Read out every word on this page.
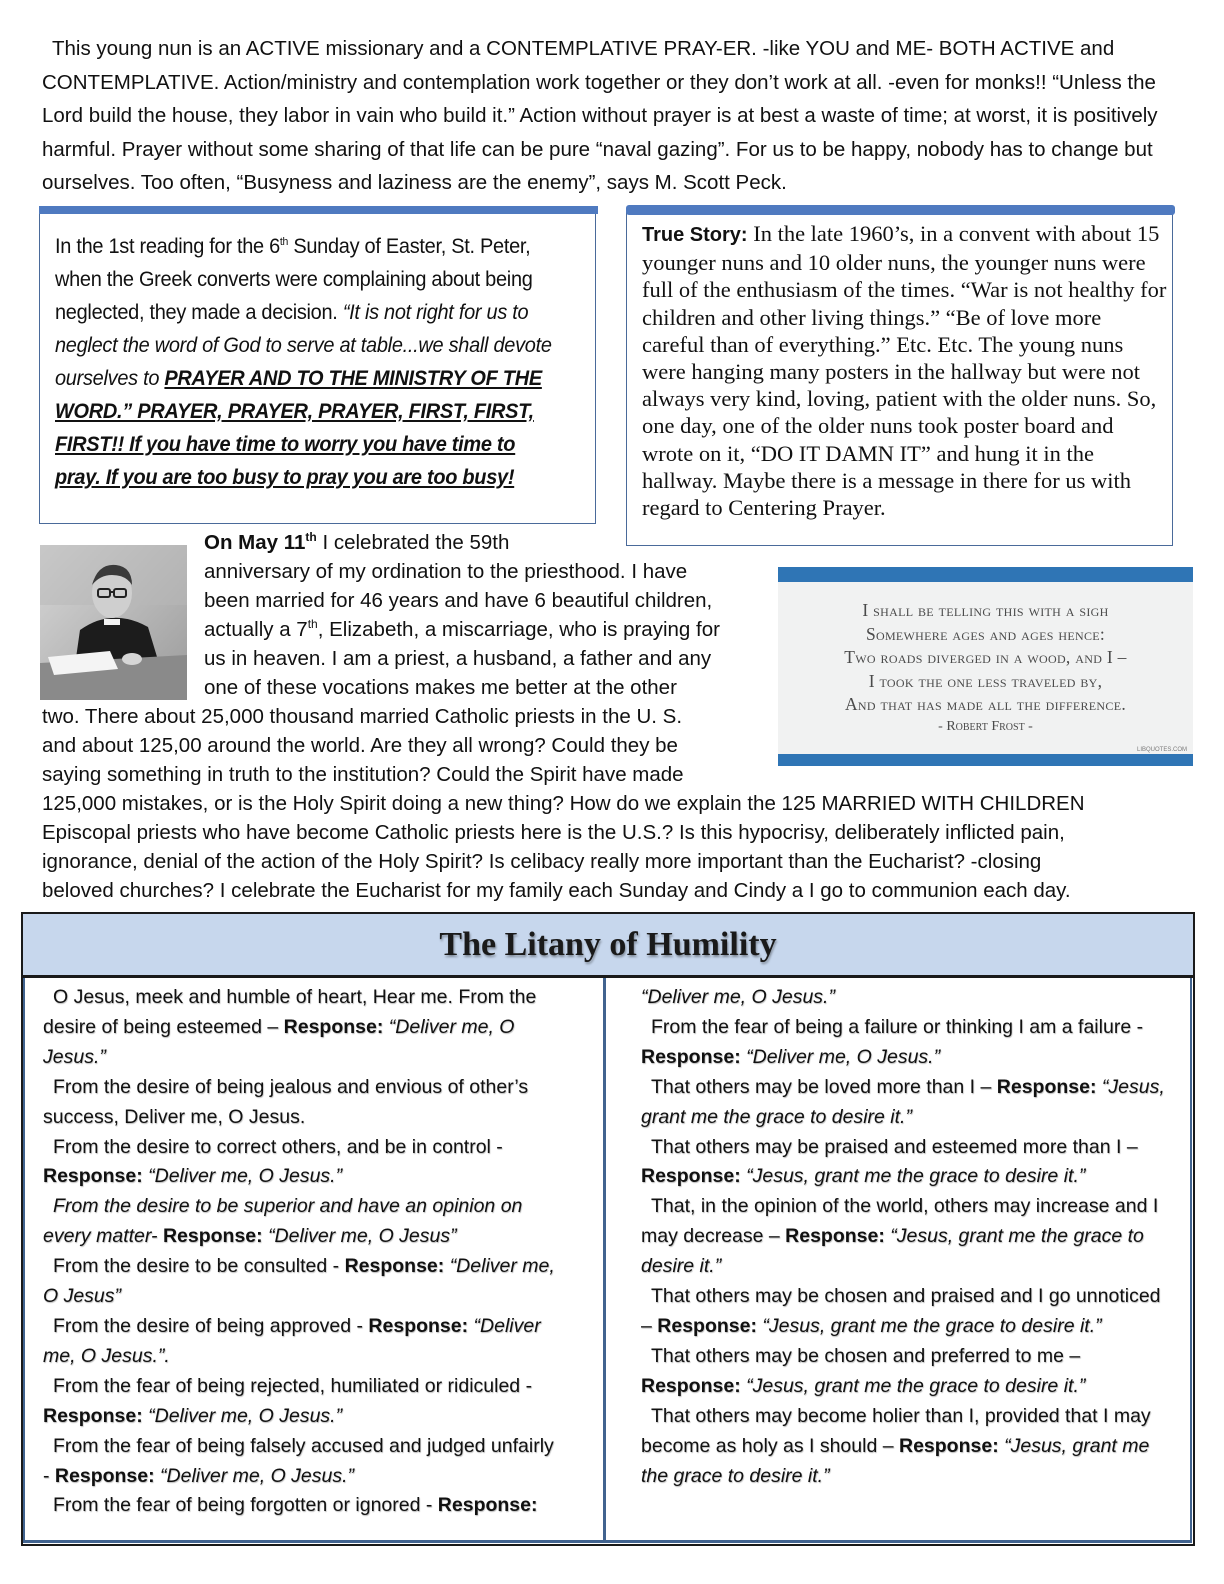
This young nun is an ACTIVE missionary and a CONTEMPLATIVE PRAY-ER. -like YOU and ME- BOTH ACTIVE and CONTEMPLATIVE. Action/ministry and contemplation work together or they don’t work at all. -even for monks!! “Unless the Lord build the house, they labor in vain who build it.” Action without prayer is at best a waste of time; at worst, it is positively harmful. Prayer without some sharing of that life can be pure “naval gazing”. For us to be happy, nobody has to change but ourselves. Too often, “Busyness and laziness are the enemy”, says M. Scott Peck.
In the 1st reading for the 6th Sunday of Easter, St. Peter, when the Greek converts were complaining about being neglected, they made a decision. “It is not right for us to neglect the word of God to serve at table...we shall devote ourselves to PRAYER AND TO THE MINISTRY OF THE WORD.” PRAYER, PRAYER, PRAYER, FIRST, FIRST, FIRST!! If you have time to worry you have time to pray. If you are too busy to pray you are too busy!
True Story: In the late 1960’s, in a convent with about 15 younger nuns and 10 older nuns, the younger nuns were full of the enthusiasm of the times. “War is not healthy for children and other living things.” “Be of love more careful than of everything.” Etc. Etc. The young nuns were hanging many posters in the hallway but were not always very kind, loving, patient with the older nuns. So, one day, one of the older nuns took poster board and wrote on it, “DO IT DAMN IT” and hung it in the hallway. Maybe there is a message in there for us with regard to Centering Prayer.
On May 11th I celebrated the 59th
anniversary of my ordination to the priesthood. I have
been married for 46 years and have 6 beautiful children,
actually a 7th, Elizabeth, a miscarriage, who is praying for
us in heaven. I am a priest, a husband, a father and any
one of these vocations makes me better at the other
two. There about 25,000 thousand married Catholic priests in the U. S.
and about 125,00 around the world. Are they all wrong? Could they be
saying something in truth to the institution? Could the Spirit have made
125,000 mistakes, or is the Holy Spirit doing a new thing? How do we explain the 125 MARRIED WITH CHILDREN
Episcopal priests who have become Catholic priests here is the U.S.? Is this hypocrisy, deliberately inflicted pain,
ignorance, denial of the action of the Holy Spirit? Is celibacy really more important than the Eucharist? -closing
beloved churches? I celebrate the Eucharist for my family each Sunday and Cindy a I go to communion each day.
I shall be telling this with a sigh
Somewhere ages and ages hence:
Two roads diverged in a wood, and I –
I took the one less traveled by,
And that has made all the difference.
- Robert Frost -
LIBQUOTES.COM
The Litany of Humility
O Jesus, meek and humble of heart, Hear me. From the desire of being esteemed – Response: “Deliver me, O Jesus.”
From the desire of being jealous and envious of other’s success, Deliver me, O Jesus.
From the desire to correct others, and be in control - Response: “Deliver me, O Jesus.”
From the desire to be superior and have an opinion on every matter- Response: “Deliver me, O Jesus”
From the desire to be consulted - Response: “Deliver me, O Jesus”
From the desire of being approved - Response: “Deliver me, O Jesus.”.
From the fear of being rejected, humiliated or ridiculed - Response: “Deliver me, O Jesus.”
From the fear of being falsely accused and judged unfairly - Response: “Deliver me, O Jesus.”
From the fear of being forgotten or ignored - Response:
“Deliver me, O Jesus.”
From the fear of being a failure or thinking I am a failure - Response: “Deliver me, O Jesus.”
That others may be loved more than I – Response: “Jesus, grant me the grace to desire it.”
That others may be praised and esteemed more than I – Response: “Jesus, grant me the grace to desire it.”
That, in the opinion of the world, others may increase and I may decrease – Response: “Jesus, grant me the grace to desire it.”
That others may be chosen and praised and I go unnoticed – Response: “Jesus, grant me the grace to desire it.”
That others may be chosen and preferred to me – Response: “Jesus, grant me the grace to desire it.”
That others may become holier than I, provided that I may become as holy as I should – Response: “Jesus, grant me the grace to desire it.”
